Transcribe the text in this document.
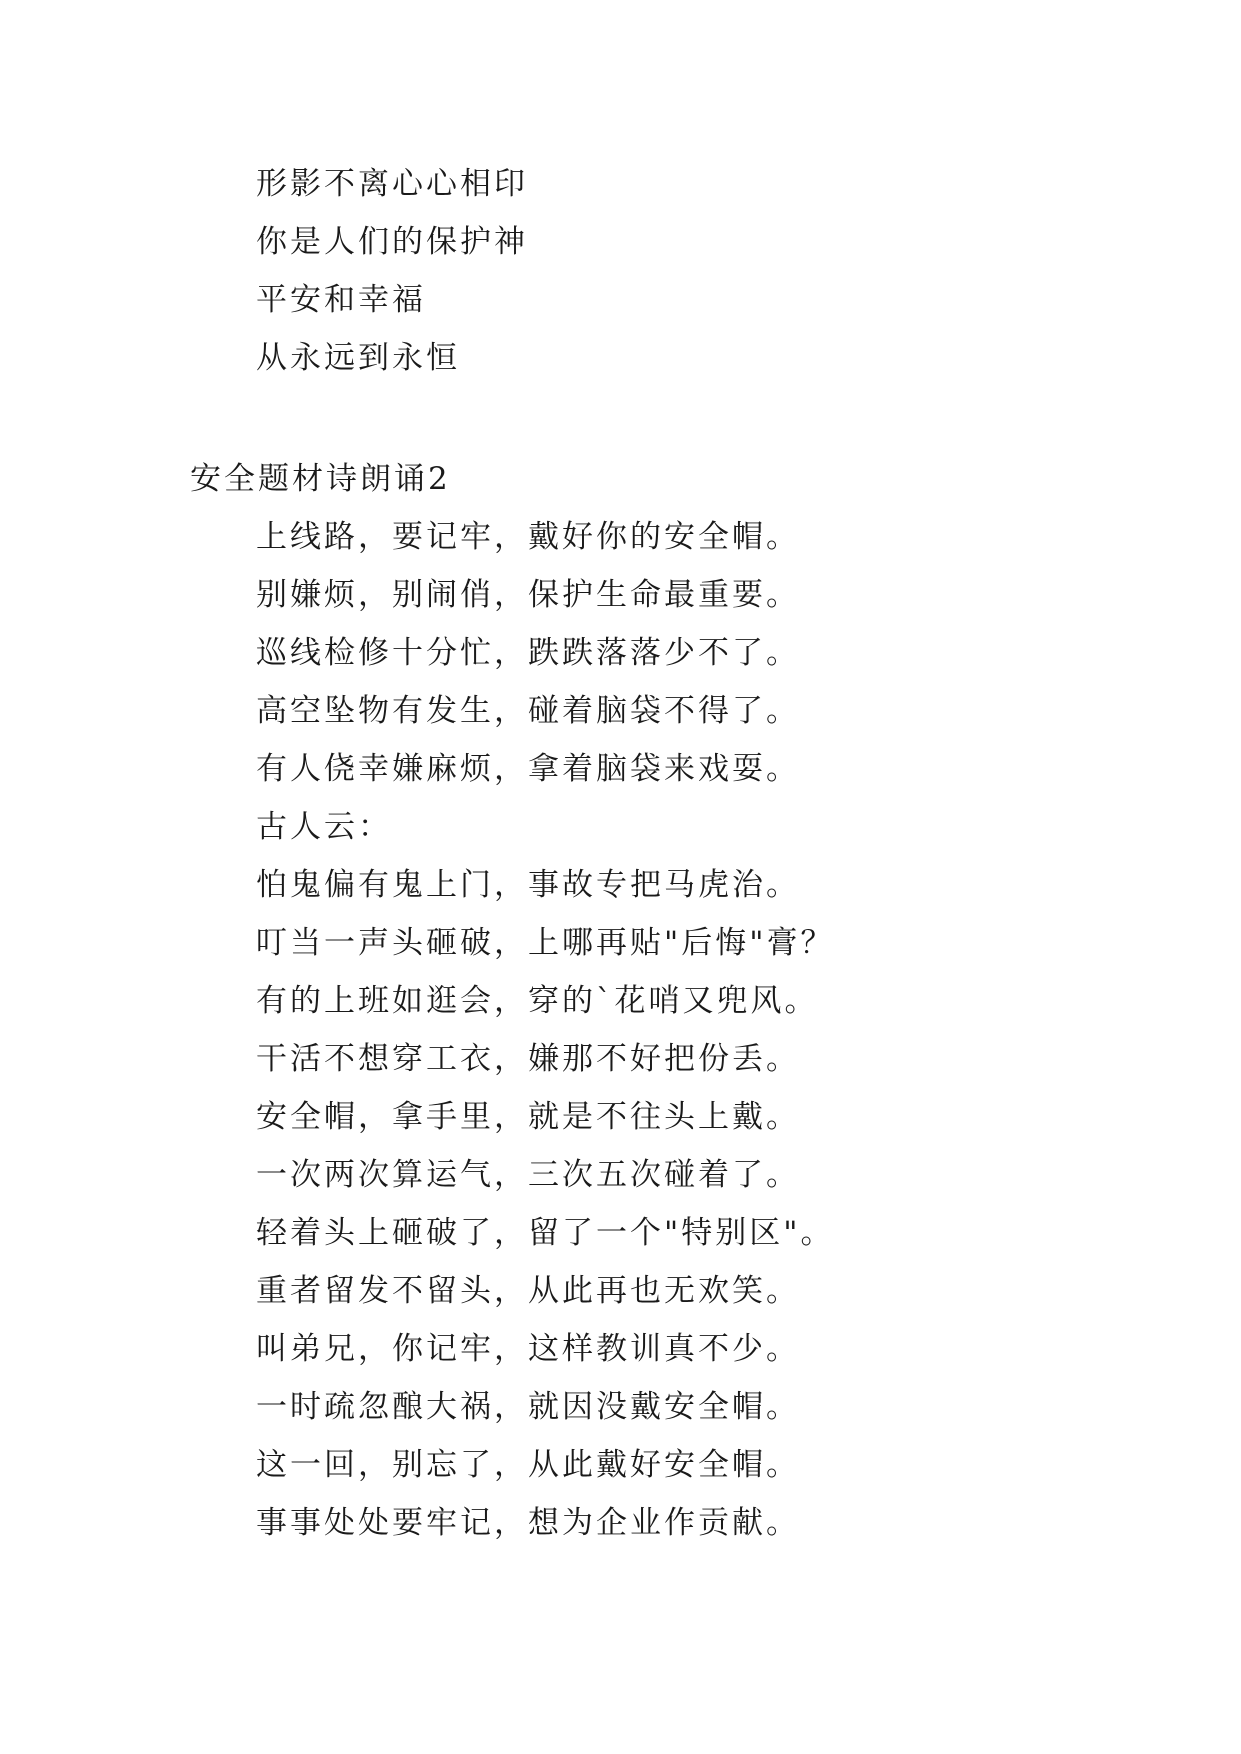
形影不离心心相印
你是人们的保护神
平安和幸福
从永远到永恒
安全题材诗朗诵2
上线路，要记牢，戴好你的安全帽。
别嫌烦，别闹俏，保护生命最重要。
巡线检修十分忙，跌跌落落少不了。
高空坠物有发生，碰着脑袋不得了。
有人侥幸嫌麻烦，拿着脑袋来戏耍。
古人云：
怕鬼偏有鬼上门，事故专把马虎治。
叮当一声头砸破，上哪再贴"后悔"膏？
有的上班如逛会，穿的`花哨又兜风。
干活不想穿工衣，嫌那不好把份丢。
安全帽，拿手里，就是不往头上戴。
一次两次算运气，三次五次碰着了。
轻着头上砸破了，留了一个"特别区"。
重者留发不留头，从此再也无欢笑。
叫弟兄，你记牢，这样教训真不少。
一时疏忽酿大祸，就因没戴安全帽。
这一回，别忘了，从此戴好安全帽。
事事处处要牢记，想为企业作贡献。
